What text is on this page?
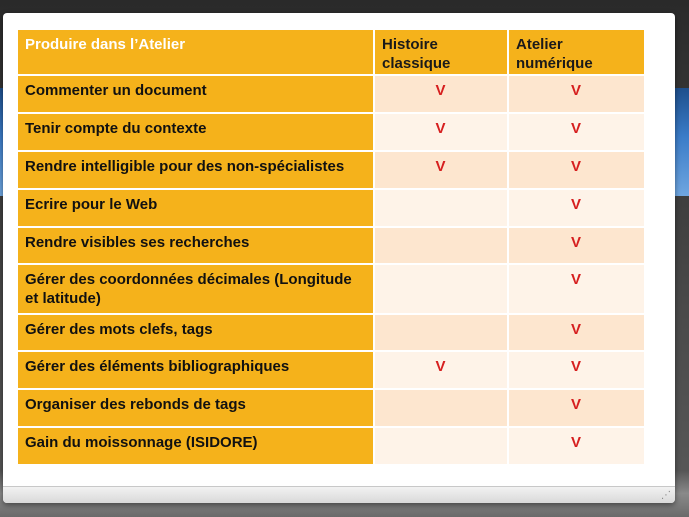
Produire dans l’Atelier	Histoire classique	Atelier numérique
Commenter un document	V	V
Tenir compte du contexte	V	V
Rendre intelligible pour des non-spécialistes	V	V
Ecrire pour le Web		V
Rendre visibles ses recherches		V
Gérer des coordonnées décimales (Longitude et latitude)		V
Gérer des mots clefs, tags		V
Gérer des éléments bibliographiques	V	V
Organiser des rebonds de tags		V
Gain du moissonnage (ISIDORE)		V
⋰
